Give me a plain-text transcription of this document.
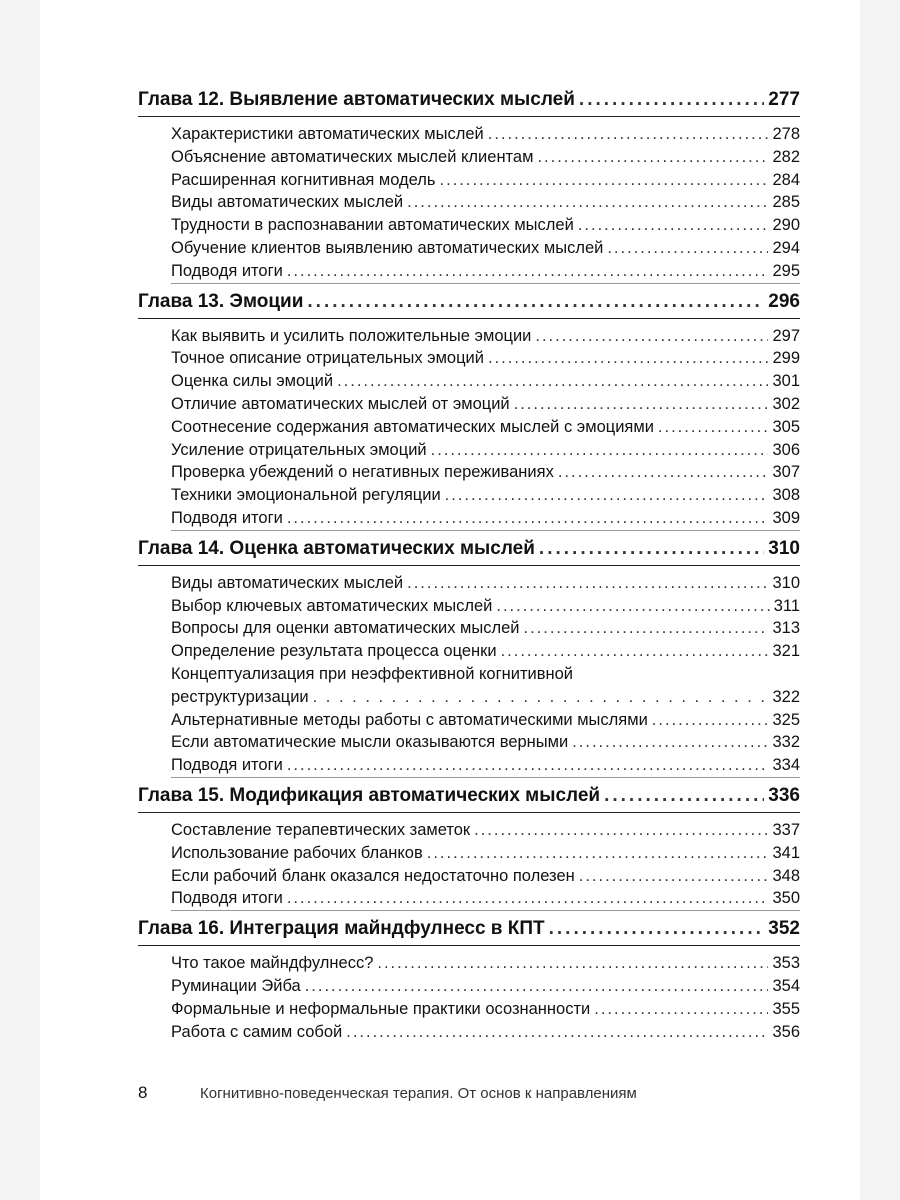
Глава 12. Выявление автоматических мыслей .....	277
Характеристики автоматических мыслей .....	278
Объяснение автоматических мыслей клиентам .....	282
Расширенная когнитивная модель .....	284
Виды автоматических мыслей .....	285
Трудности в распознавании автоматических мыслей .....	290
Обучение клиентов выявлению автоматических мыслей .....	294
Подводя итоги .....	295
Глава 13. Эмоции .....	296
Как выявить и усилить положительные эмоции .....	297
Точное описание отрицательных эмоций .....	299
Оценка силы эмоций .....	301
Отличие автоматических мыслей от эмоций .....	302
Соотнесение содержания автоматических мыслей с эмоциями .....	305
Усиление отрицательных эмоций .....	306
Проверка убеждений о негативных переживаниях .....	307
Техники эмоциональной регуляции .....	308
Подводя итоги .....	309
Глава 14. Оценка автоматических мыслей .....	310
Виды автоматических мыслей .....	310
Выбор ключевых автоматических мыслей .....	311
Вопросы для оценки автоматических мыслей .....	313
Определение результата процесса оценки .....	321
Концептуализация при неэффективной когнитивной
реструктуризации . . .	322
Альтернативные методы работы с автоматическими мыслями .....	325
Если автоматические мысли оказываются верными .....	332
Подводя итоги .....	334
Глава 15. Модификация автоматических мыслей .....	336
Составление терапевтических заметок .....	337
Использование рабочих бланков .....	341
Если рабочий бланк оказался недостаточно полезен .....	348
Подводя итоги .....	350
Глава 16. Интеграция майндфулнесс в КПТ .....	352
Что такое майндфулнесс? .....	353
Руминации Эйба .....	354
Формальные и неформальные практики осознанности .....	355
Работа с самим собой .....	356
8	Когнитивно-поведенческая терапия. От основ к направлениям
